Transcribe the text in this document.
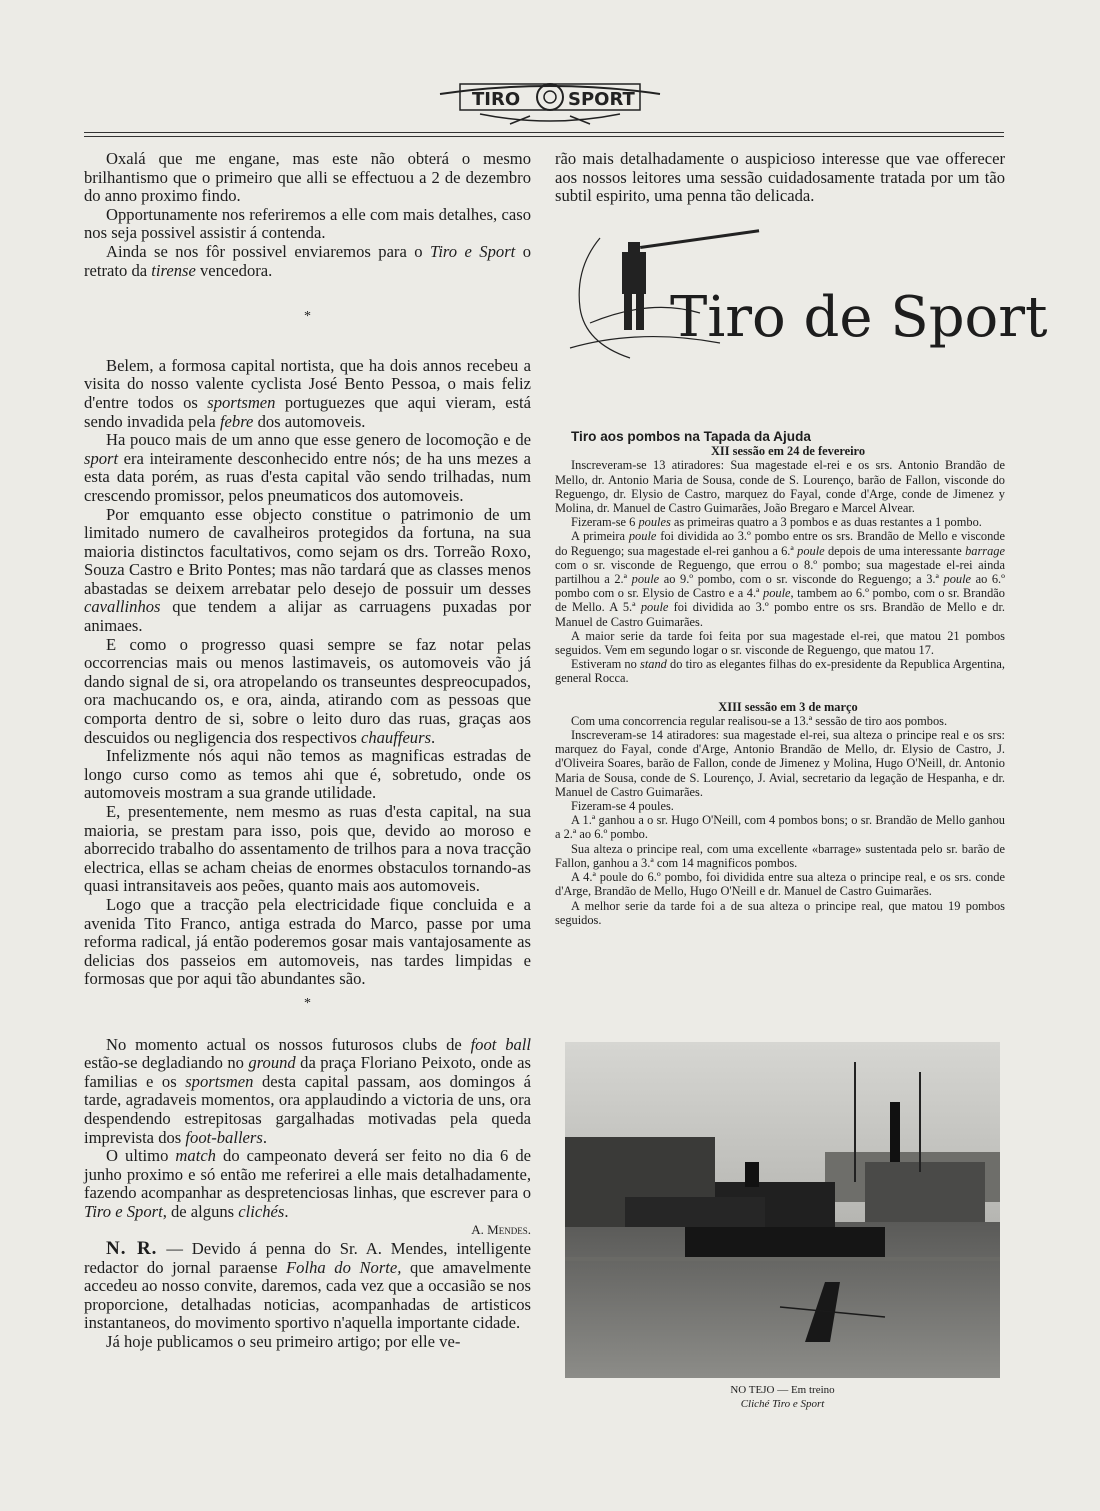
TIRO	SPORT

Oxalá que me engane, mas este não obterá o mesmo brilhantismo que o primeiro que alli se effectuou a 2 de dezembro do anno proximo findo.

Opportunamente nos referiremos a elle com mais detalhes, caso nos seja possivel assistir á contenda.

Ainda se nos fôr possivel enviaremos para o Tiro e Sport o retrato da tirense vencedora.

*

Belem, a formosa capital nortista, que ha dois annos recebeu a visita do nosso valente cyclista José Bento Pessoa, o mais feliz d'entre todos os sportsmen portuguezes que aqui vieram, está sendo invadida pela febre dos automoveis.

Ha pouco mais de um anno que esse genero de locomoção e de sport era inteiramente desconhecido entre nós; de ha uns mezes a esta data porém, as ruas d'esta capital vão sendo trilhadas, num crescendo promissor, pelos pneumaticos dos automoveis.

Por emquanto esse objecto constitue o patrimonio de um limitado numero de cavalheiros protegidos da fortuna, na sua maioria distinctos facultativos, como sejam os drs. Torreão Roxo, Souza Castro e Brito Pontes; mas não tardará que as classes menos abastadas se deixem arrebatar pelo desejo de possuir um desses cavallinhos que tendem a alijar as carruagens puxadas por animaes.

E como o progresso quasi sempre se faz notar pelas occorrencias mais ou menos lastimaveis, os automoveis vão já dando signal de si, ora atropelando os transeuntes despreocupados, ora machucando os, e ora, ainda, atirando com as pessoas que comporta dentro de si, sobre o leito duro das ruas, graças aos descuidos ou negligencia dos respectivos chauffeurs.

Infelizmente nós aqui não temos as magnificas estradas de longo curso como as temos ahi que é, sobretudo, onde os automoveis mostram a sua grande utilidade.

E, presentemente, nem mesmo as ruas d'esta capital, na sua maioria, se prestam para isso, pois que, devido ao moroso e aborrecido trabalho do assentamento de trilhos para a nova tracção electrica, ellas se acham cheias de enormes obstaculos tornando-as quasi intransitaveis aos peões, quanto mais aos automoveis.

Logo que a tracção pela electricidade fique concluida e a avenida Tito Franco, antiga estrada do Marco, passe por uma reforma radical, já então poderemos gosar mais vantajosamente as delicias dos passeios em automoveis, nas tardes limpidas e formosas que por aqui tão abundantes são.

*

No momento actual os nossos futurosos clubs de foot ball estão-se degladiando no ground da praça Floriano Peixoto, onde as familias e os sportsmen desta capital passam, aos domingos á tarde, agradaveis momentos, ora applaudindo a victoria de uns, ora despendendo estrepitosas gargalhadas motivadas pela queda imprevista dos foot-ballers.

O ultimo match do campeonato deverá ser feito no dia 6 de junho proximo e só então me referirei a elle mais detalhadamente, fazendo acompanhar as despretenciosas linhas, que escrever para o Tiro e Sport, de alguns clichés.

A. Mendes.

N. R. — Devido á penna do Sr. A. Mendes, intelligente redactor do jornal paraense Folha do Norte, que amavelmente accedeu ao nosso convite, daremos, cada vez que a occasião se nos proporcione, detalhadas noticias, acompanhadas de artisticos instantaneos, do movimento sportivo n'aquella importante cidade.

Já hoje publicamos o seu primeiro artigo; por elle ve-

rão mais detalhadamente o auspicioso interesse que vae offerecer aos nossos leitores uma sessão cuidadosamente tratada por um tão subtil espirito, uma penna tão delicada.

Tiro de Sport

Tiro aos pombos na Tapada da Ajuda

XII sessão em 24 de fevereiro

Inscreveram-se 13 atiradores: Sua magestade el-rei e os srs. Antonio Brandão de Mello, dr. Antonio Maria de Sousa, conde de S. Lourenço, barão de Fallon, visconde do Reguengo, dr. Elysio de Castro, marquez do Fayal, conde d'Arge, conde de Jimenez y Molina, dr. Manuel de Castro Guimarães, João Bregaro e Marcel Alvear.

Fizeram-se 6 poules as primeiras quatro a 3 pombos e as duas restantes a 1 pombo.

A primeira poule foi dividida ao 3.º pombo entre os srs. Brandão de Mello e visconde do Reguengo; sua magestade el-rei ganhou a 6.ª poule depois de uma interessante barrage com o sr. visconde de Reguengo, que errou o 8.º pombo; sua magestade el-rei ainda partilhou a 2.ª poule ao 9.º pombo, com o sr. visconde do Reguengo; a 3.ª poule ao 6.º pombo com o sr. Elysio de Castro e a 4.ª poule, tambem ao 6.º pombo, com o sr. Brandão de Mello. A 5.ª poule foi dividida ao 3.º pombo entre os srs. Brandão de Mello e dr. Manuel de Castro Guimarães.

A maior serie da tarde foi feita por sua magestade el-rei, que matou 21 pombos seguidos. Vem em segundo logar o sr. visconde de Reguengo, que matou 17.

Estiveram no stand do tiro as elegantes filhas do ex-presidente da Republica Argentina, general Rocca.

XIII sessão em 3 de março

Com uma concorrencia regular realisou-se a 13.ª sessão de tiro aos pombos.

Inscreveram-se 14 atiradores: sua magestade el-rei, sua alteza o principe real e os srs: marquez do Fayal, conde d'Arge, Antonio Brandão de Mello, dr. Elysio de Castro, J. d'Oliveira Soares, barão de Fallon, conde de Jimenez y Molina, Hugo O'Neill, dr. Antonio Maria de Sousa, conde de S. Lourenço, J. Avial, secretario da legação de Hespanha, e dr. Manuel de Castro Guimarães.

Fizeram-se 4 poules.

A 1.ª ganhou a o sr. Hugo O'Neill, com 4 pombos bons; o sr. Brandão de Mello ganhou a 2.ª ao 6.º pombo.

Sua alteza o principe real, com uma excellente «barrage» sustentada pelo sr. barão de Fallon, ganhou a 3.ª com 14 magnificos pombos.

A 4.ª poule do 6.º pombo, foi dividida entre sua alteza o principe real, e os srs. conde d'Arge, Brandão de Mello, Hugo O'Neill e dr. Manuel de Castro Guimarães.

A melhor serie da tarde foi a de sua alteza o principe real, que matou 19 pombos seguidos.

NO TEJO — Em treino
Cliché Tiro e Sport
